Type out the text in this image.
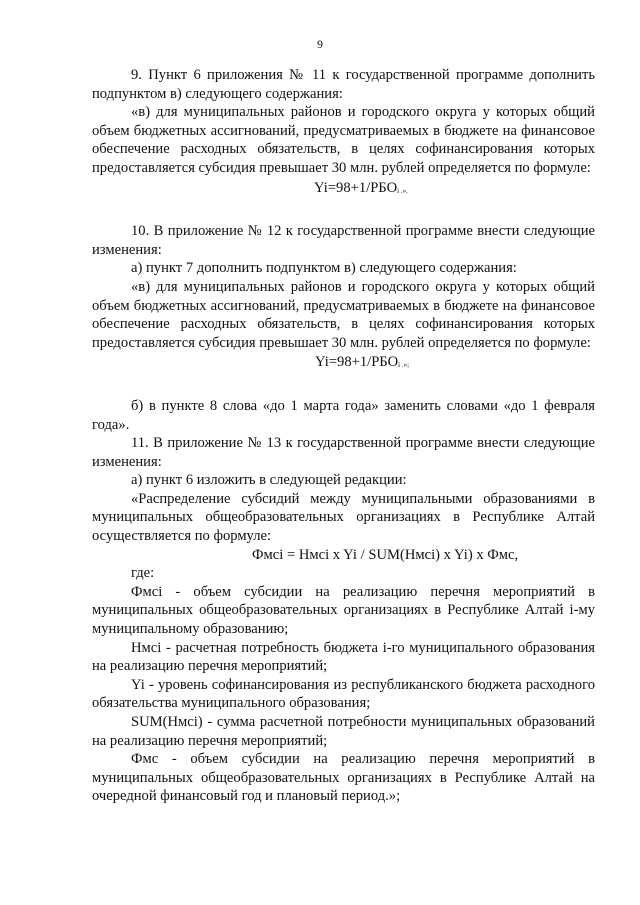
9

9. Пункт 6 приложения № 11 к государственной программе дополнить подпунктом в) следующего содержания:

«в) для муниципальных районов и городского округа у которых общий объем бюджетных ассигнований, предусматриваемых в бюджете на финансовое обеспечение расходных обязательств, в целях софинансирования которых предоставляется субсидия превышает 30 млн. рублей определяется по формуле:

Yi=98+1/РБОi .».

10. В приложение № 12 к государственной программе внести следующие изменения:

а) пункт 7 дополнить подпунктом в) следующего содержания:

«в) для муниципальных районов и городского округа у которых общий объем бюджетных ассигнований, предусматриваемых в бюджете на финансовое обеспечение расходных обязательств, в целях софинансирования которых предоставляется субсидия превышает 30 млн. рублей определяется по формуле:

Yi=98+1/РБОi .»;

б) в пункте 8 слова «до 1 марта года» заменить словами «до 1 февраля года».

11. В приложение № 13 к государственной программе внести следующие изменения:

а) пункт 6 изложить в следующей редакции:

«Распределение субсидий между муниципальными образованиями в муниципальных общеобразовательных организациях в Республике Алтай осуществляется по формуле:

Фмсi = Нмсi x Yi / SUM(Нмсi) x Yi) x Фмс,

где:

Фмсi - объем субсидии на реализацию перечня мероприятий в муниципальных общеобразовательных организациях в Республике Алтай i-му муниципальному образованию;

Нмсi - расчетная потребность бюджета i-го муниципального образования на реализацию перечня мероприятий;

Yi - уровень софинансирования из республиканского бюджета расходного обязательства муниципального образования;

SUM(Нмсi) - сумма расчетной потребности муниципальных образований на реализацию перечня мероприятий;

Фмс - объем субсидии на реализацию перечня мероприятий в муниципальных общеобразовательных организациях в Республике Алтай на очередной финансовый год и плановый период.»;
